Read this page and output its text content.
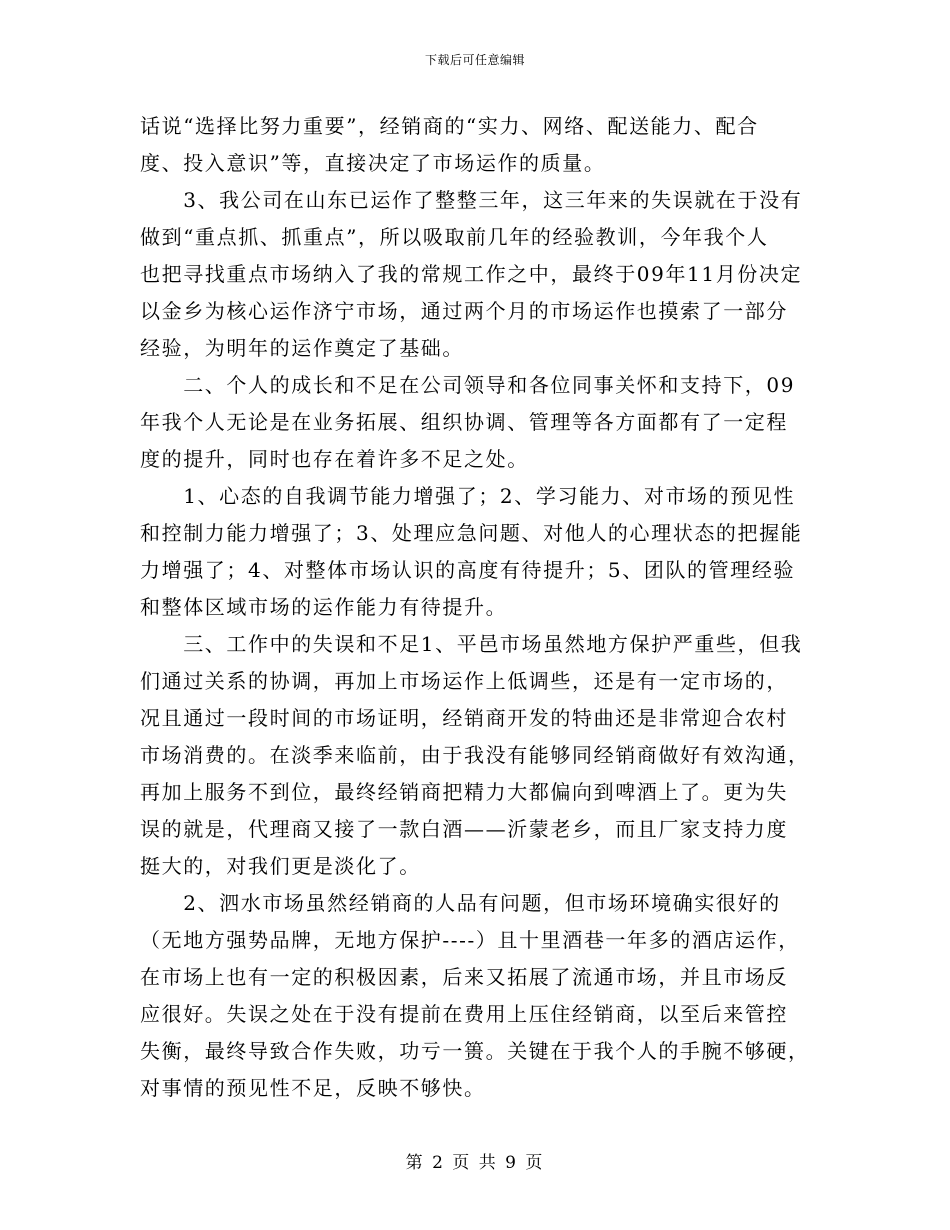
下载后可任意编辑
话说“选择比努力重要”，经销商的“实力、网络、配送能力、配合
度、投入意识”等，直接决定了市场运作的质量。
　　3、我公司在山东已运作了整整三年，这三年来的失误就在于没有
做到“重点抓、抓重点”，所以吸取前几年的经验教训，今年我个人
也把寻找重点市场纳入了我的常规工作之中，最终于09年11月份决定
以金乡为核心运作济宁市场，通过两个月的市场运作也摸索了一部分
经验，为明年的运作奠定了基础。
　　二、个人的成长和不足在公司领导和各位同事关怀和支持下，09
年我个人无论是在业务拓展、组织协调、管理等各方面都有了一定程
度的提升，同时也存在着许多不足之处。
　　1、心态的自我调节能力增强了；2、学习能力、对市场的预见性
和控制力能力增强了；3、处理应急问题、对他人的心理状态的把握能
力增强了；4、对整体市场认识的高度有待提升；5、团队的管理经验
和整体区域市场的运作能力有待提升。
　　三、工作中的失误和不足1、平邑市场虽然地方保护严重些，但我
们通过关系的协调，再加上市场运作上低调些，还是有一定市场的，
况且通过一段时间的市场证明，经销商开发的特曲还是非常迎合农村
市场消费的。在淡季来临前，由于我没有能够同经销商做好有效沟通，
再加上服务不到位，最终经销商把精力大都偏向到啤酒上了。更为失
误的就是，代理商又接了一款白酒——沂蒙老乡，而且厂家支持力度
挺大的，对我们更是淡化了。
　　2、泗水市场虽然经销商的人品有问题，但市场环境确实很好的
（无地方强势品牌，无地方保护----）且十里酒巷一年多的酒店运作，
在市场上也有一定的积极因素，后来又拓展了流通市场，并且市场反
应很好。失误之处在于没有提前在费用上压住经销商，以至后来管控
失衡，最终导致合作失败，功亏一篑。关键在于我个人的手腕不够硬，
对事情的预见性不足，反映不够快。
第 2 页 共 9 页
